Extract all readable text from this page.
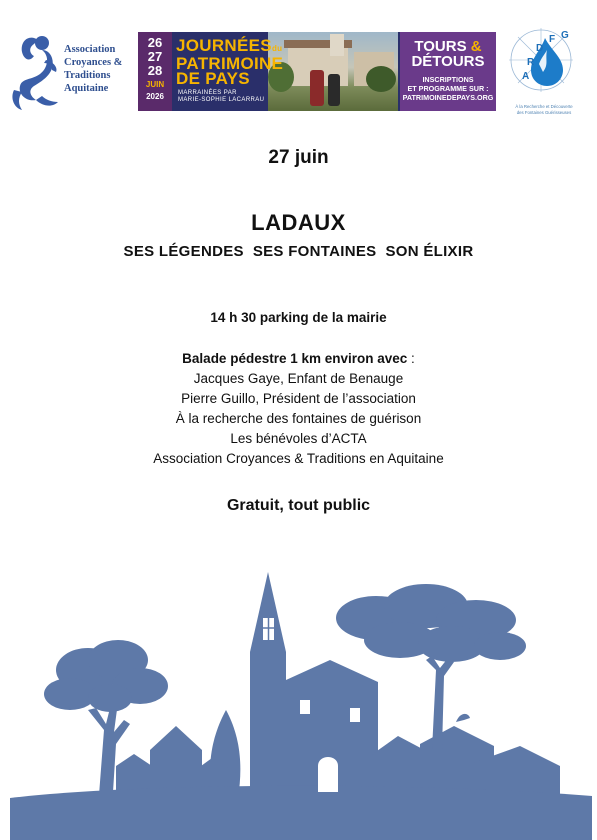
Association
Croyances &
Traditions
Aquitaine
26
27
28
JUIN
2026
JOURNÉESdu
PATRIMOINE
DE PAYS
MARRAINÉES PAR
MARIE-SOPHIE LACARRAU
TOURS &
DÉTOURS
INSCRIPTIONS
ET PROGRAMME SUR :
PATRIMOINEDEPAYS.ORG
R
D
F G
A
À la Recherche et Découverte
des Fontaines Guérisseuses
27 juin
LADAUX
SES LÉGENDES SES FONTAINES SON ÉLIXIR
14 h 30 parking de la mairie
Balade pédestre 1 km environ avec :
Jacques Gaye, Enfant de Benauge
Pierre Guillo, Président de l’association
À la recherche des fontaines de guérison
Les bénévoles d’ACTA
Association Croyances & Traditions en Aquitaine
Gratuit, tout public
